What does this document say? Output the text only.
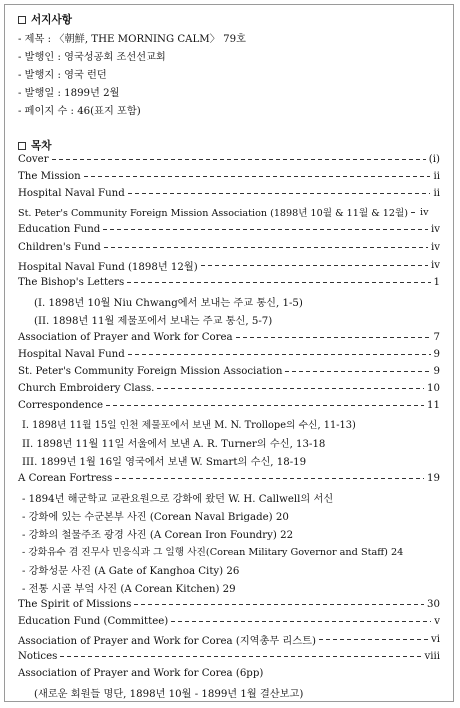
서지사항
- 제목 : 〈朝鮮, THE MORNING CALM〉 79호
- 발행인 : 영국성공회 조선선교회
- 발행지 : 영국 런던
- 발행일 : 1899년 2월
- 페이지 수 : 46(표지 포함)
목차
Cover	(i)
The Mission	ii
Hospital Naval Fund	ii
St. Peter's Community Foreign Mission Association (1898년 10월 & 11월 & 12월) iv
Education Fund	iv
Children's Fund	iv
Hospital Naval Fund (1898년 12월)	iv
The Bishop's Letters	1
(I. 1898년 10월 Niu Chwang에서 보내는 주교 통신, 1-5)
(II. 1898년 11월 제물포에서 보내는 주교 통신, 5-7)
Association of Prayer and Work for Corea	7
Hospital Naval Fund	9
St. Peter's Community Foreign Mission Association	9
Church Embroidery Class.	10
Correspondence	11
I. 1898년 11월 15일 인천 제물포에서 보낸 M. N. Trollope의 수신, 11-13)
II. 1898년 11월 11일 서울에서 보낸 A. R. Turner의 수신, 13-18
III. 1899년 1월 16일 영국에서 보낸 W. Smart의 수신, 18-19
A Corean Fortress	19
- 1894년 해군학교 교관요원으로 강화에 왔던 W. H. Callwell의 서신
- 강화에 있는 수군본부 사진 (Corean Naval Brigade) 20
- 강화의 철물주조 광경 사진 (A Corean Iron Foundry) 22
- 강화유수 겸 진무사 민응식과 그 일행 사진(Corean Military Governor and Staff) 24
- 강화성문 사진 (A Gate of Kanghoa City) 26
- 전통 시골 부엌 사진 (A Corean Kitchen) 29
The Spirit of Missions	30
Education Fund (Committee)	v
Association of Prayer and Work for Corea (지역총무 리스트)	vi
Notices	viii
Association of Prayer and Work for Corea (6pp)
(새로운 회원들 명단, 1898년 10월 - 1899년 1월 결산보고)
